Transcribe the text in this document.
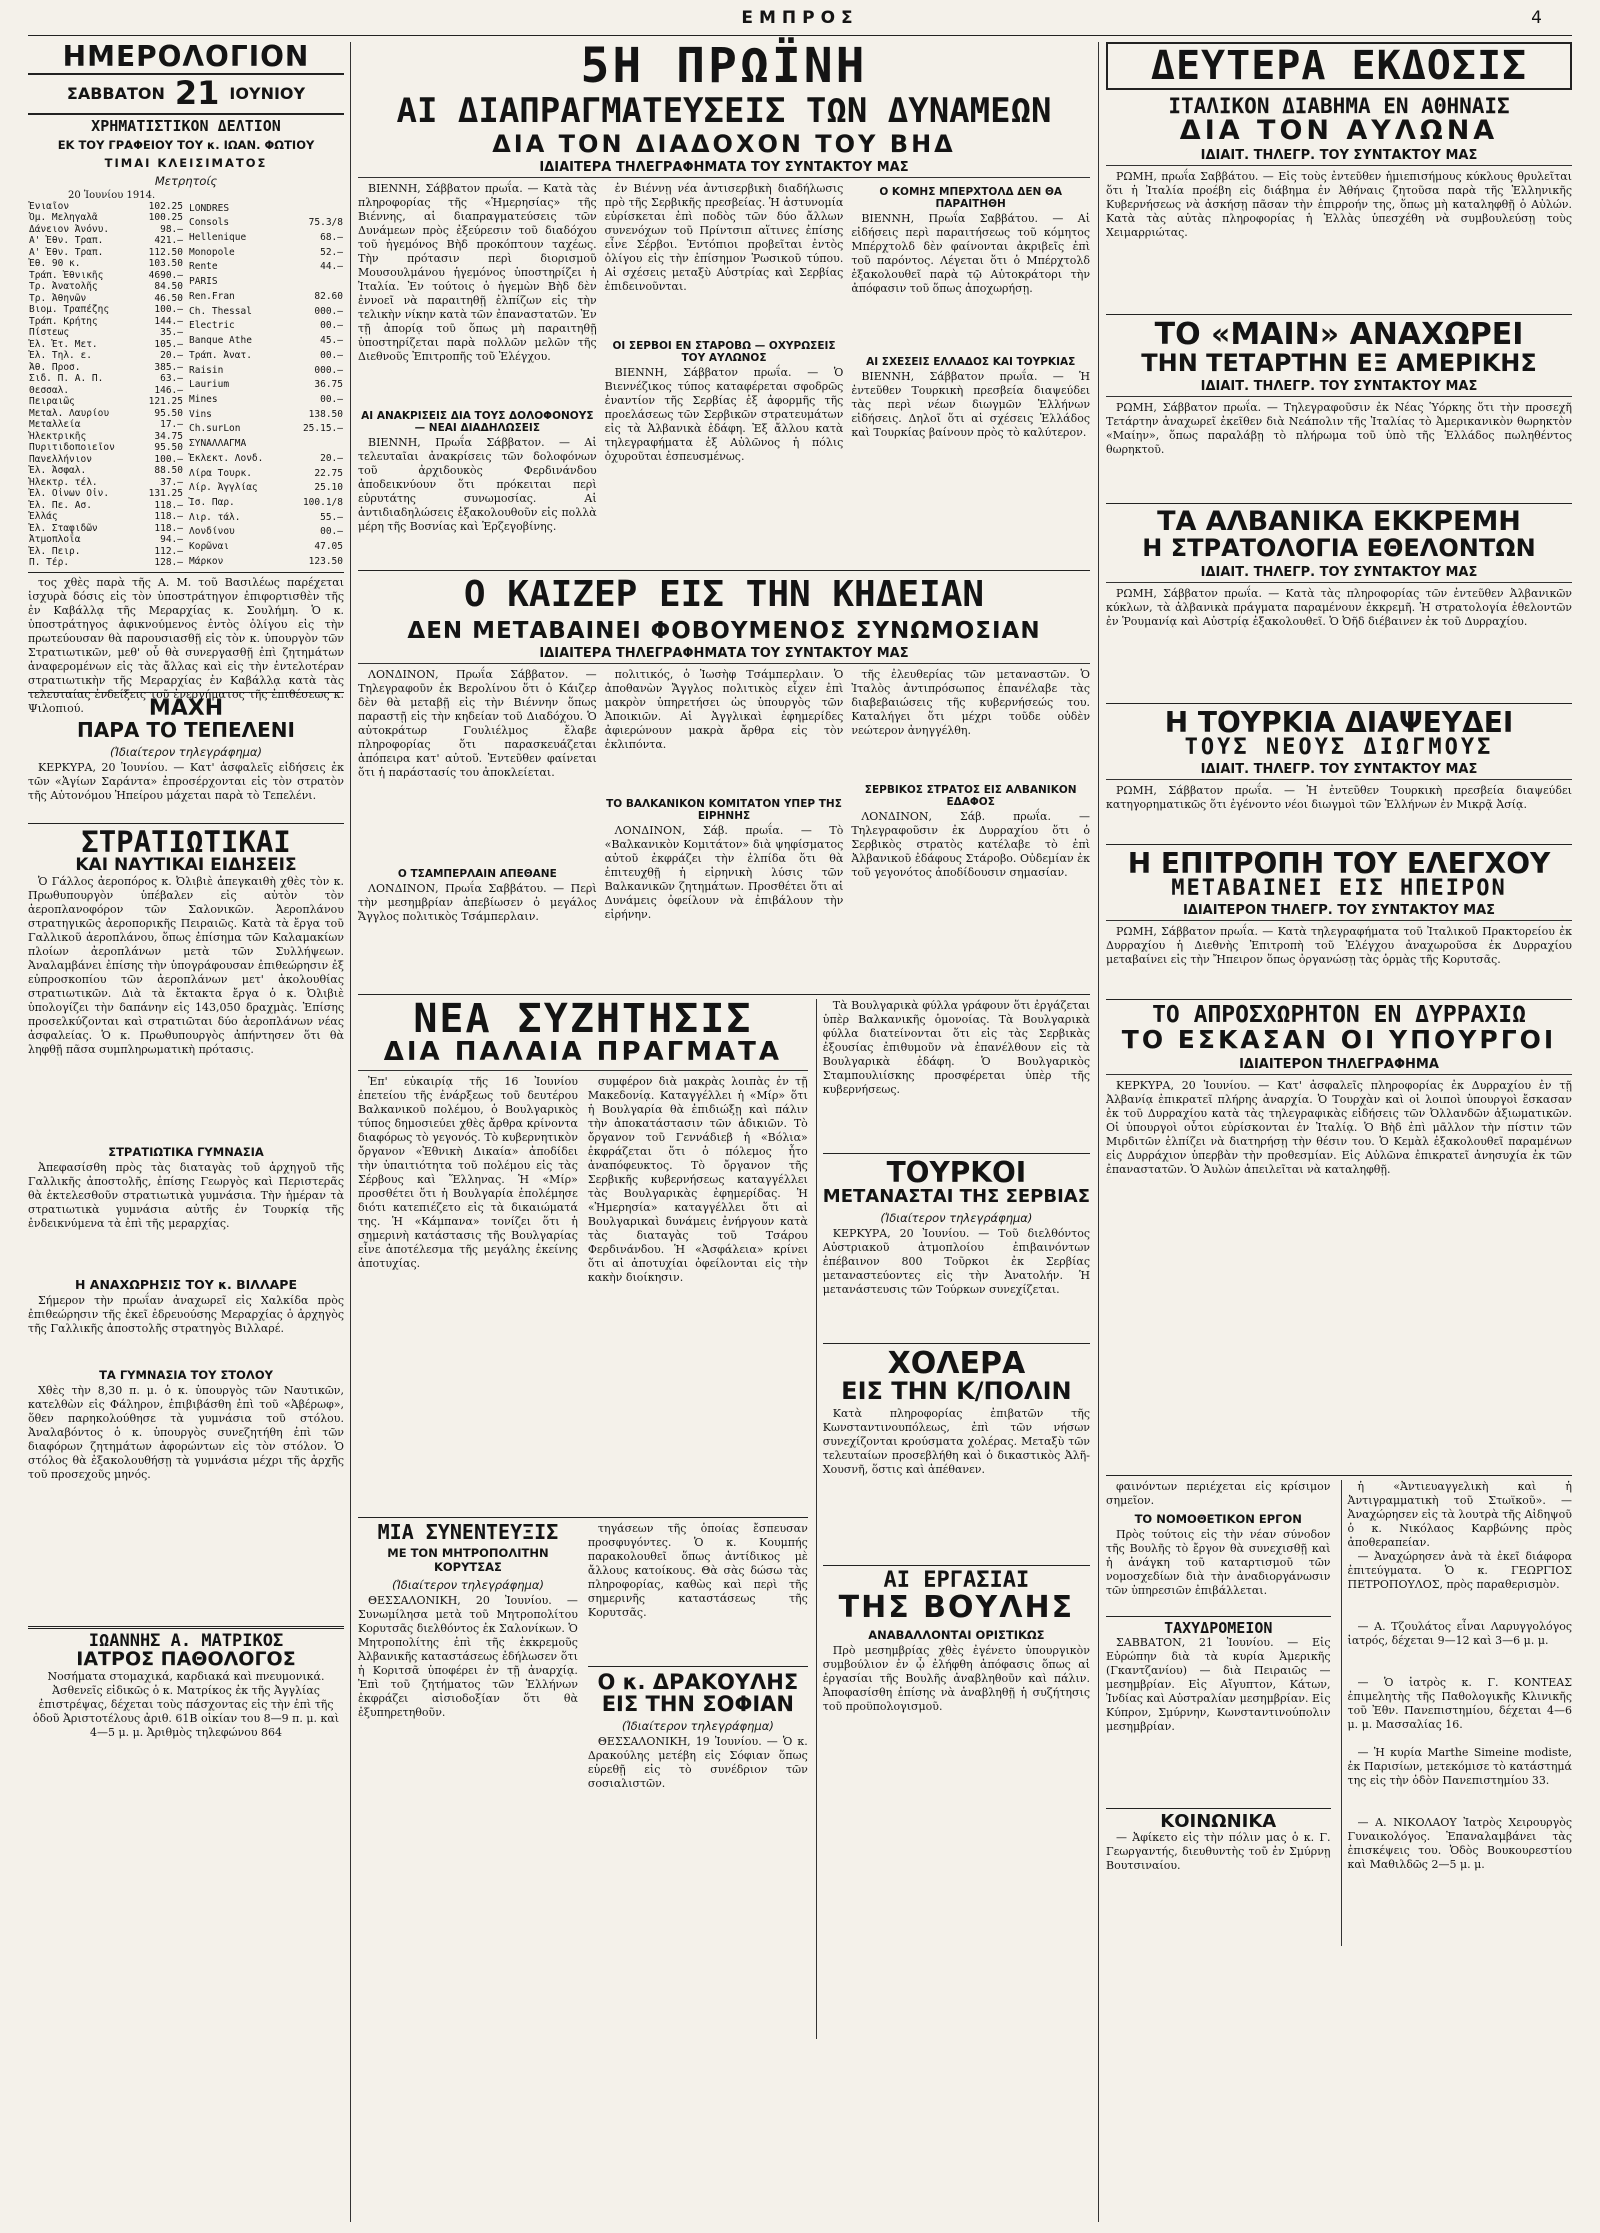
ΕΜΠΡΟΣ	4
ΗΜΕΡΟΛΟΓΙΟΝ
ΣΑΒΒΑΤΟΝ 21 ΙΟΥΝΙΟΥ
ΧΡΗΜΑΤΙΣΤΙΚΟΝ ΔΕΛΤΙΟΝ
ΕΚ ΤΟΥ ΓΡΑΦΕΙΟΥ ΤΟΥ κ. ΙΩΑΝ. ΦΩΤΙΟΥ
ΤΙΜΑΙ ΚΛΕΙΣΙΜΑΤΟΣ
Μετρητοίς
20 Ἰουνίου 1914.
Ἐνιαῖον	102.25
Ὀμ. Μεληγαλᾶ	100.25
Δάνειον Ἀνόνυ.	98.—
Α' Ἐθν. Τραπ.	421.—
Α' Ἐθν. Τραπ.	112.50
Ἐθ. 90 κ.	103.50
Τράπ. Ἐθνικῆς	4690.—
Τρ. Ἀνατολῆς	84.50
Τρ. Ἀθηνῶν	46.50
Βιομ. Τραπέζης	100.—
Τράπ. Κρήτης	144.—
Πίστεως	35.—
Ἐλ. Ἐτ. Μετ.	105.—
Ἐλ. Τηλ. ε.	20.—
Ἀθ. Προσ.	385.—
Σιδ. Π. Α. Π.	63.—
Θεσσαλ.	146.—
Πειραιῶς	121.25
Μεταλ. Λαυρίου	95.50
Μεταλλεία	17.—
Ἠλεκτρικῆς	34.75
Πυριτιδοποιεῖον	95.50
Πανελλήνιον	100.—
Ἐλ. Ἀσφαλ.	88.50
Ἠλεκτρ. τέλ.	37.—
Ἑλ. Οἰνων Οἰν.	131.25
Ἐλ. Πε. Ασ.	118.—
Ἑλλάς	118.—
Ἐλ. Σταφιδῶν	118.—
Ἀτμοπλοΐα	94.—
Ἐλ. Πειρ.	112.—
Π. Τέρ.	128.—
LONDRES	
Consols	75.3/8
Hellenique	68.—
Monopole	52.—
Rente	44.—

PARIS	

Ren.Fran	82.60
Ch. Thessal	000.—
Electric	00.—
Banque Athe	45.—
Τράπ. Ἀνατ.	00.—
Raisin	000.—
Laurium	36.75
Mines	00.—
Vins	138.50
Ch.surLon	25.15.—

ΣΥΝΑΛΛΑΓΜΑ	

Ἐκλεκτ. Λονδ.	20.—
Λίρα Τουρκ.	22.75
Λίρ. Ἀγγλίας	25.10
Ἰσ. Παρ.	100.1/8
Λιρ. τάλ.	55.—
Λονδίνου	00.—
Κορῶναι	47.05
Μάρκον	123.50
τος χθὲς παρὰ τῆς Α. Μ. τοῦ Βασιλέως παρέχεται ἰσχυρὰ δόσις εἰς τὸν ὑποστράτηγον ἐπιφορτισθὲν τῆς ἐν Καβάλλᾳ τῆς Μεραρχίας κ. Σουλήμη. Ὁ κ. ὑποστράτηγος ἀφικνούμενος ἐντὸς ὀλίγου εἰς τὴν πρωτεύουσαν θὰ παρουσιασθῇ εἰς τὸν κ. ὑπουργὸν τῶν Στρατιωτικῶν, μεθ' οὗ θὰ συνεργασθῇ ἐπὶ ζητημάτων ἀναφερομένων εἰς τὰς ἄλλας καὶ εἰς τὴν ἐντελοτέραν στρατιωτικὴν τῆς Μεραρχίας ἐν Καβάλλᾳ κατὰ τὰς τελευταίας ἐνδείξεις τοῦ ἐνεργήματος τῆς ἐπιθέσεως κ. Ψιλοπιού.	ΜΑΧΗ
ΠΑΡΑ ΤΟ ΤΕΠΕΛΕΝΙ
(Ἰδιαίτερον τηλεγράφημα)
ΚΕΡΚΥΡΑ, 20 Ἰουνίου. — Κατ' ἀσφαλεῖς εἰδήσεις ἐκ τῶν «Ἁγίων Σαράντα» ἐπροσέρχονται εἰς τὸν στρατὸν τῆς Αὐτονόμου Ἠπείρου μάχεται παρὰ τὸ Τεπελένι.
ΣΤΡΑΤΙΩΤΙΚΑΙ
ΚΑΙ ΝΑΥΤΙΚΑΙ ΕΙΔΗΣΕΙΣ
Ὁ Γάλλος ἀεροπόρος κ. Ὀλιβιὲ ἀπεγκαιθὴ χθὲς τὸν κ. Πρωθυπουργὸν ὑπέβαλεν εἰς αὐτὸν τὸν ἀεροπλανοφόρον τῶν Σαλονικῶν. Ἀεροπλάνου στρατηγικῶς ἀεροπορικῆς Πειραιῶς. Κατὰ τὰ ἔργα τοῦ Γαλλικοῦ ἀεροπλάνου, ὅπως ἐπίσημα τῶν Καλαμακίων πλοίων ἀεροπλάνων μετὰ τῶν Συλλήψεων. Ἀναλαμβάνει ἐπίσης τὴν ὑπογράφουσαν ἐπιθεώρησιν ἐξ εὐπροσκοπίου τῶν ἀεροπλάνων μετ' ἀκολουθίας στρατιωτικῶν. Διὰ τὰ ἔκτακτα ἔργα ὁ κ. Ὀλιβιὲ ὑπολογίζει τὴν δαπάνην εἰς 143,050 δραχμὰς. Ἐπίσης προσελκύζονται καὶ στρατιῶται δύο ἀεροπλάνων νέας ἀσφαλείας. Ὁ κ. Πρωθυπουργὸς ἀπήντησεν ὅτι θὰ ληφθῇ πᾶσα συμπληρωματικὴ πρότασις.
ΣΤΡΑΤΙΩΤΙΚΑ ΓΥΜΝΑΣΙΑ
Ἀπεφασίσθη πρὸς τὰς διαταγὰς τοῦ ἀρχηγοῦ τῆς Γαλλικῆς ἀποστολῆς, ἐπίσης Γεωργὸς καὶ Περιστερᾶς θὰ ἐκτελεσθοῦν στρατιωτικὰ γυμνάσια. Τὴν ἡμέραν τὰ στρατιωτικὰ γυμνάσια αὐτῆς ἐν Τουρκίᾳ τῆς ἐνδεικνύμενα τὰ ἐπὶ τῆς μεραρχίας.
Η ΑΝΑΧΩΡΗΣΙΣ ΤΟΥ κ. ΒΙΛΛΑΡΕ
Σήμερον τὴν πρωΐαν ἀναχωρεῖ εἰς Χαλκίδα πρὸς ἐπιθεώρησιν τῆς ἐκεῖ ἐδρευούσης Μεραρχίας ὁ ἀρχηγὸς τῆς Γαλλικῆς ἀποστολῆς στρατηγὸς Βιλλαρέ.
ΤΑ ΓΥΜΝΑΣΙΑ ΤΟΥ ΣΤΟΛΟΥ
Χθὲς τὴν 8,30 π. μ. ὁ κ. ὑπουργὸς τῶν Ναυτικῶν, κατελθὼν εἰς Φάληρον, ἐπιβιβάσθη ἐπὶ τοῦ «Ἀβέρωφ», ὅθεν παρηκολούθησε τὰ γυμνάσια τοῦ στόλου. Ἀναλαβόντος ὁ κ. ὑπουργὸς συνεζητήθη ἐπὶ τῶν διαφόρων ζητημάτων ἀφορώντων εἰς τὸν στόλον. Ὁ στόλος θὰ ἐξακολουθήσῃ τὰ γυμνάσια μέχρι τῆς ἀρχῆς τοῦ προσεχοῦς μηνός.
ΙΩΑΝΝΗΣ Α. ΜΑΤΡΙΚΟΣ
ΙΑΤΡΟΣ ΠΑΘΟΛΟΓΟΣ
Νοσήματα στομαχικά, καρδιακά καὶ πνευμονικά. Ἀσθενεῖς εἰδικῶς ὁ κ. Ματρίκος ἐκ τῆς Ἀγγλίας ἐπιστρέψας, δέχεται τοὺς πάσχοντας εἰς τὴν ἐπὶ τῆς ὁδοῦ Ἀριστοτέλους ἀριθ. 61B οἰκίαν του 8—9 π. μ. καὶ 4—5 μ. μ. Ἀριθμὸς τηλεφώνου 864
5Η ΠΡΩΪΝΗ
ΑΙ ΔΙΑΠΡΑΓΜΑΤΕΥΣΕΙΣ ΤΩΝ ΔΥΝΑΜΕΩΝ
ΔΙΑ ΤΟΝ ΔΙΑΔΟΧΟΝ ΤΟΥ ΒΗΔ
ΙΔΙΑΙΤΕΡΑ ΤΗΛΕΓΡΑΦΗΜΑΤΑ ΤΟΥ ΣΥΝΤΑΚΤΟΥ ΜΑΣ
ΒΙΕΝΝΗ, Σάββατον πρωΐα. — Κατὰ τὰς πληροφορίας τῆς «Ἡμερησίας» τῆς Βιέννης, αἱ διαπραγματεύσεις τῶν Δυνάμεων πρὸς ἐξεύρεσιν τοῦ διαδόχου τοῦ ἡγεμόνος Βὴδ προκόπτουν ταχέως. Τὴν πρότασιν περὶ διορισμοῦ Μουσουλμάνου ἡγεμόνος ὑποστηρίζει ἡ Ἰταλία. Ἐν τούτοις ὁ ἡγεμὼν Βὴδ δὲν ἐννοεῖ νὰ παραιτηθῇ ἐλπίζων εἰς τὴν τελικὴν νίκην κατὰ τῶν ἐπαναστατῶν. Ἐν τῇ ἀπορίᾳ τοῦ ὅπως μὴ παραιτηθῇ ὑποστηρίζεται παρὰ πολλῶν μελῶν τῆς Διεθνοῦς Ἐπιτροπῆς τοῦ Ἐλέγχου.
ΑΙ ΑΝΑΚΡΙΣΕΙΣ ΔΙΑ ΤΟΥΣ ΔΟΛΟΦΟΝΟΥΣ — ΝΕΑΙ ΔΙΑΔΗΛΩΣΕΙΣ
ΒΙΕΝΝΗ, Πρωΐα Σάββατον. — Αἱ τελευταῖαι ἀνακρίσεις τῶν δολοφόνων τοῦ ἀρχιδουκὸς Φερδινάνδου ἀποδεικνύουν ὅτι πρόκειται περὶ εὐρυτάτης συνωμοσίας. Αἱ ἀντιδιαδηλώσεις ἐξακολουθοῦν εἰς πολλὰ μέρη τῆς Βοσνίας καὶ Ἑρζεγοβίνης.
ἐν Βιέννῃ νέα ἀντισερβικὴ διαδήλωσις πρὸ τῆς Σερβικῆς πρεσβείας. Ἡ ἀστυνομία εὑρίσκεται ἐπὶ ποδὸς τῶν δύο ἄλλων συνενόχων τοῦ Πρίντσιπ αἵτινες ἐπίσης εἶνε Σέρβοι. Ἐντόπιοι προβεῖται ἐντὸς ὀλίγου εἰς τὴν ἐπίσημον Ῥωσικοῦ τύπου. Αἱ σχέσεις μεταξὺ Αὐστρίας καὶ Σερβίας ἐπιδεινοῦνται.
ΟΙ ΣΕΡΒΟΙ ΕΝ ΣΤΑΡΟΒΩ — ΟΧΥΡΩΣΕΙΣ ΤΟΥ ΑΥΛΩΝΟΣ
ΒΙΕΝΝΗ, Σάββατον πρωΐα. — Ὁ Βιεννέζικος τύπος καταφέρεται σφοδρῶς ἐναντίον τῆς Σερβίας ἐξ ἀφορμῆς τῆς προελάσεως τῶν Σερβικῶν στρατευμάτων εἰς τὰ Ἀλβανικὰ ἐδάφη. Ἐξ ἄλλου κατὰ τηλεγραφήματα ἐξ Αὐλῶνος ἡ πόλις ὀχυροῦται ἐσπευσμένως.
Ο ΚΟΜΗΣ ΜΠΕΡΧΤΟΛΔ ΔΕΝ ΘΑ ΠΑΡΑΙΤΗΘΗ
ΒΙΕΝΝΗ, Πρωΐα Σαββάτου. — Αἱ εἰδήσεις περὶ παραιτήσεως τοῦ κόμητος Μπέρχτολδ δὲν φαίνονται ἀκριβεῖς ἐπὶ τοῦ παρόντος. Λέγεται ὅτι ὁ Μπέρχτολδ ἐξακολουθεῖ παρὰ τῷ Αὐτοκράτορι τὴν ἀπόφασιν τοῦ ὅπως ἀποχωρήσῃ.
ΑΙ ΣΧΕΣΕΙΣ ΕΛΛΑΔΟΣ ΚΑΙ ΤΟΥΡΚΙΑΣ
ΒΙΕΝΝΗ, Σάββατον πρωΐα. — Ἡ ἐντεῦθεν Τουρκικὴ πρεσβεία διαψεύδει τὰς περὶ νέων διωγμῶν Ἑλλήνων εἰδήσεις. Δηλοῖ ὅτι αἱ σχέσεις Ἑλλάδος καὶ Τουρκίας βαίνουν πρὸς τὸ καλύτερον.
Ο ΚΑΙΖΕΡ ΕΙΣ ΤΗΝ ΚΗΔΕΙΑΝ
ΔΕΝ ΜΕΤΑΒΑΙΝΕΙ ΦΟΒΟΥΜΕΝΟΣ ΣΥΝΩΜΟΣΙΑΝ
ΙΔΙΑΙΤΕΡΑ ΤΗΛΕΓΡΑΦΗΜΑΤΑ ΤΟΥ ΣΥΝΤΑΚΤΟΥ ΜΑΣ
ΛΟΝΔΙΝΟΝ, Πρωΐα Σάββατον. — Τηλεγραφοῦν ἐκ Βερολίνου ὅτι ὁ Κάιζερ δὲν θὰ μεταβῇ εἰς τὴν Βιέννην ὅπως παραστῇ εἰς τὴν κηδείαν τοῦ Διαδόχου. Ὁ αὐτοκράτωρ Γουλιέλμος ἔλαβε πληροφορίας ὅτι παρασκευάζεται ἀπόπειρα κατ' αὐτοῦ. Ἐντεῦθεν φαίνεται ὅτι ἡ παράστασίς του ἀποκλείεται.
Ο ΤΣΑΜΠΕΡΛΑΙΝ ΑΠΕΘΑΝΕ
ΛΟΝΔΙΝΟΝ, Πρωΐα Σαββάτου. — Περὶ τὴν μεσημβρίαν ἀπεβίωσεν ὁ μεγάλος Ἄγγλος πολιτικὸς Τσάμπερλαιν.
πολιτικός, ὁ Ἰωσὴφ Τσάμπερλαιν. Ὁ ἀποθανὼν Ἄγγλος πολιτικὸς εἶχεν ἐπὶ μακρὸν ὑπηρετήσει ὡς ὑπουργὸς τῶν Ἀποικιῶν. Αἱ Ἀγγλικαὶ ἐφημερίδες ἀφιερώνουν μακρὰ ἄρθρα εἰς τὸν ἐκλιπόντα.
ΤΟ ΒΑΛΚΑΝΙΚΟΝ ΚΟΜΙΤΑΤΟΝ ΥΠΕΡ ΤΗΣ ΕΙΡΗΝΗΣ
ΛΟΝΔΙΝΟΝ, Σάβ. πρωΐα. — Τὸ «Βαλκανικὸν Κομιτάτον» διὰ ψηφίσματος αὐτοῦ ἐκφράζει τὴν ἐλπίδα ὅτι θὰ ἐπιτευχθῇ ἡ εἰρηνικὴ λύσις τῶν Βαλκανικῶν ζητημάτων. Προσθέτει ὅτι αἱ Δυνάμεις ὀφείλουν νὰ ἐπιβάλουν τὴν εἰρήνην.
τῆς ἐλευθερίας τῶν μεταναστῶν. Ὁ Ἰταλὸς ἀντιπρόσωπος ἐπανέλαβε τὰς διαβεβαιώσεις τῆς κυβερνήσεώς του. Καταλήγει ὅτι μέχρι τοῦδε οὐδὲν νεώτερον ἀνηγγέλθη.
ΣΕΡΒΙΚΟΣ ΣΤΡΑΤΟΣ ΕΙΣ ΑΛΒΑΝΙΚΟΝ ΕΔΑΦΟΣ
ΛΟΝΔΙΝΟΝ, Σάβ. πρωΐα. — Τηλεγραφοῦσιν ἐκ Δυρραχίου ὅτι ὁ Σερβικὸς στρατὸς κατέλαβε τὸ ἐπὶ Ἀλβανικοῦ ἐδάφους Στάροβο. Οὐδεμίαν ἐκ τοῦ γεγονότος ἀποδίδουσιν σημασίαν.
ΝΕΑ ΣΥΖΗΤΗΣΙΣ
ΔΙΑ ΠΑΛΑΙΑ ΠΡΑΓΜΑΤΑ
Ἐπ' εὐκαιρίᾳ τῆς 16 Ἰουνίου ἐπετείου τῆς ἐνάρξεως τοῦ δευτέρου Βαλκανικοῦ πολέμου, ὁ Βουλγαρικὸς τύπος δημοσιεύει χθὲς ἄρθρα κρίνοντα διαφόρως τὸ γεγονός. Τὸ κυβερνητικὸν ὄργανον «Ἐθνικὴ Δικαία» ἀποδίδει τὴν ὑπαιτιότητα τοῦ πολέμου εἰς τὰς Σέρβους καὶ Ἕλληνας. Ἡ «Μίρ» προσθέτει ὅτι ἡ Βουλγαρία ἐπολέμησε διότι κατεπιέζετο εἰς τὰ δικαιώματά της. Ἡ «Κάμπανα» τονίζει ὅτι ἡ σημερινὴ κατάστασις τῆς Βουλγαρίας εἶνε ἀποτέλεσμα τῆς μεγάλης ἐκείνης ἀποτυχίας.
συμφέρον διὰ μακρὰς λοιπὰς ἐν τῇ Μακεδονίᾳ. Καταγγέλλει ἡ «Μίρ» ὅτι ἡ Βουλγαρία θὰ ἐπιδιώξῃ καὶ πάλιν τὴν ἀποκατάστασιν τῶν ἀδικιῶν. Τὸ ὄργανον τοῦ Γεννάδιεβ ἡ «Βόλια» ἐκφράζεται ὅτι ὁ πόλεμος ἦτο ἀναπόφευκτος. Τὸ ὄργανον τῆς Σερβικῆς κυβερνήσεως καταγγέλλει τὰς Βουλγαρικὰς ἐφημερίδας. Ἡ «Ἡμερησία» καταγγέλλει ὅτι αἱ Βουλγαρικαὶ δυνάμεις ἐνήργουν κατὰ τὰς διαταγὰς τοῦ Τσάρου Φερδινάνδου. Ἡ «Ἀσφάλεια» κρίνει ὅτι αἱ ἀποτυχίαι ὀφείλονται εἰς τὴν κακὴν διοίκησιν.
ΜΙΑ ΣΥΝΕΝΤΕΥΞΙΣ
ΜΕ ΤΟΝ ΜΗΤΡΟΠΟΛΙΤΗΝ ΚΟΡΥΤΣΑΣ
(Ἰδιαίτερον τηλεγράφημα)
ΘΕΣΣΑΛΟΝΙΚΗ, 20 Ἰουνίου. — Συνωμίλησα μετὰ τοῦ Μητροπολίτου Κορυτσᾶς διελθόντος ἐκ Σαλονίκων. Ὁ Μητροπολίτης ἐπὶ τῆς ἐκκρεμοῦς Ἀλβανικῆς καταστάσεως ἐδήλωσεν ὅτι ἡ Κοριτσᾶ ὑποφέρει ἐν τῇ ἀναρχίᾳ. Ἐπὶ τοῦ ζητήματος τῶν Ἑλλήνων ἐκφράζει αἰσιοδοξίαν ὅτι θὰ ἐξυπηρετηθοῦν.
τηγάσεων τῆς ὁποίας ἔσπευσαν προσφυγόντες. Ὁ κ. Κουμπής παρακολουθεῖ ὅπως ἀντίδικος μὲ ἄλλους κατοίκους. Θὰ σὰς δώσω τὰς πληροφορίας, καθὼς καὶ περὶ τῆς σημερινῆς καταστάσεως τῆς Κορυτσᾶς.
Ο κ. ΔΡΑΚΟΥΛΗΣ
ΕΙΣ ΤΗΝ ΣΟΦΙΑΝ
(Ἰδιαίτερον τηλεγράφημα)
ΘΕΣΣΑΛΟΝΙΚΗ, 19 Ἰουνίου. — Ὁ κ. Δρακούλης μετέβη εἰς Σόφιαν ὅπως εὑρεθῇ εἰς τὸ συνέδριον τῶν σοσιαλιστῶν.
Τὰ Βουλγαρικὰ φύλλα γράφουν ὅτι ἐργάζεται ὑπὲρ Βαλκανικῆς ὁμονοίας. Τὰ Βουλγαρικὰ φύλλα διατείνονται ὅτι εἰς τὰς Σερβικὰς ἐξουσίας ἐπιθυμοῦν νὰ ἐπανέλθουν εἰς τὰ Βουλγαρικὰ ἐδάφη. Ὁ Βουλγαρικὸς Σταμπουλιίσκης προσφέρεται ὑπὲρ τῆς κυβερνήσεως.
ΤΟΥΡΚΟΙ
ΜΕΤΑΝΑΣΤΑΙ ΤΗΣ ΣΕΡΒΙΑΣ
(Ἰδιαίτερον τηλεγράφημα)
ΚΕΡΚΥΡΑ, 20 Ἰουνίου. — Τοῦ διελθόντος Αὐστριακοῦ ἀτμοπλοίου ἐπιβαινόντων ἐπέβαινον 800 Τοῦρκοι ἐκ Σερβίας μεταναστεύοντες εἰς τὴν Ἀνατολήν. Ἡ μετανάστευσις τῶν Τούρκων συνεχίζεται.
ΧΟΛΕΡΑ
ΕΙΣ ΤΗΝ Κ/ΠΟΛΙΝ
Κατὰ πληροφορίας ἐπιβατῶν τῆς Κωνσταντινουπόλεως, ἐπὶ τῶν νήσων συνεχίζονται κρούσματα χολέρας. Μεταξὺ τῶν τελευταίων προσεβλήθη καὶ ὁ δικαστικὸς Ἀλῆ-Χουσνῆ, ὅστις καὶ ἀπέθανεν.
ΑΙ ΕΡΓΑΣΙΑΙ
ΤΗΣ ΒΟΥΛΗΣ
ΑΝΑΒΑΛΛΟΝΤΑΙ ΟΡΙΣΤΙΚΩΣ
Πρὸ μεσημβρίας χθὲς ἐγένετο ὑπουργικὸν συμβούλιον ἐν ᾧ ἐλήφθη ἀπόφασις ὅπως αἱ ἐργασίαι τῆς Βουλῆς ἀναβληθοῦν καὶ πάλιν. Ἀποφασίσθη ἐπίσης νὰ ἀναβληθῇ ἡ συζήτησις τοῦ προϋπολογισμοῦ.
ΔΕΥΤΕΡΑ ΕΚΔΟΣΙΣ
ΙΤΑΛΙΚΟΝ ΔΙΑΒΗΜΑ ΕΝ ΑΘΗΝΑΙΣ
ΔΙΑ ΤΟΝ ΑΥΛΩΝΑ
ΙΔΙΑΙΤ. ΤΗΛΕΓΡ. ΤΟΥ ΣΥΝΤΑΚΤΟΥ ΜΑΣ
ΡΩΜΗ, πρωΐα Σαββάτου. — Εἰς τοὺς ἐντεῦθεν ἡμιεπισήμους κύκλους θρυλεῖται ὅτι ἡ Ἰταλία προέβη εἰς διάβημα ἐν Ἀθήναις ζητοῦσα παρὰ τῆς Ἑλληνικῆς Κυβερνήσεως νὰ ἀσκήσῃ πᾶσαν τὴν ἐπιρροήν της, ὅπως μὴ καταληφθῇ ὁ Αὐλών. Κατὰ τὰς αὐτὰς πληροφορίας ἡ Ἑλλὰς ὑπεσχέθη νὰ συμβουλεύσῃ τοὺς Χειμαρριώτας.
ΤΟ «ΜΑΙΝ» ΑΝΑΧΩΡΕΙ
ΤΗΝ ΤΕΤΑΡΤΗΝ ΕΞ ΑΜΕΡΙΚΗΣ
ΙΔΙΑΙΤ. ΤΗΛΕΓΡ. ΤΟΥ ΣΥΝΤΑΚΤΟΥ ΜΑΣ
ΡΩΜΗ, Σάββατον πρωΐα. — Τηλεγραφοῦσιν ἐκ Νέας Ὑόρκης ὅτι τὴν προσεχῆ Τετάρτην ἀναχωρεῖ ἐκεῖθεν διὰ Νεάπολιν τῆς Ἰταλίας τὸ Ἀμερικανικὸν θωρηκτὸν «Μαίην», ὅπως παραλάβῃ τὸ πλήρωμα τοῦ ὑπὸ τῆς Ἑλλάδος πωληθέντος θωρηκτοῦ.
ΤΑ ΑΛΒΑΝΙΚΑ ΕΚΚΡΕΜΗ
Η ΣΤΡΑΤΟΛΟΓΙΑ ΕΘΕΛΟΝΤΩΝ
ΙΔΙΑΙΤ. ΤΗΛΕΓΡ. ΤΟΥ ΣΥΝΤΑΚΤΟΥ ΜΑΣ
ΡΩΜΗ, Σάββατον πρωΐα. — Κατὰ τὰς πληροφορίας τῶν ἐντεῦθεν Ἀλβανικῶν κύκλων, τὰ ἀλβανικὰ πράγματα παραμένουν ἐκκρεμῆ. Ἡ στρατολογία ἐθελοντῶν ἐν Ῥουμανίᾳ καὶ Αὐστρίᾳ ἐξακολουθεῖ. Ὁ Ὀῆδ διέβαινεν ἐκ τοῦ Δυρραχίου.
Η ΤΟΥΡΚΙΑ ΔΙΑΨΕΥΔΕΙ
ΤΟΥΣ ΝΕΟΥΣ ΔΙΩΓΜΟΥΣ
ΙΔΙΑΙΤ. ΤΗΛΕΓΡ. ΤΟΥ ΣΥΝΤΑΚΤΟΥ ΜΑΣ
ΡΩΜΗ, Σάββατον πρωΐα. — Ἡ ἐντεῦθεν Τουρκικὴ πρεσβεία διαψεύδει κατηγορηματικῶς ὅτι ἐγένοντο νέοι διωγμοὶ τῶν Ἑλλήνων ἐν Μικρᾷ Ἀσίᾳ.
Η ΕΠΙΤΡΟΠΗ ΤΟΥ ΕΛΕΓΧΟΥ
ΜΕΤΑΒΑΙΝΕΙ ΕΙΣ ΗΠΕΙΡΟΝ
ΙΔΙΑΙΤΕΡΟΝ ΤΗΛΕΓΡ. ΤΟΥ ΣΥΝΤΑΚΤΟΥ ΜΑΣ
ΡΩΜΗ, Σάββατον πρωΐα. — Κατὰ τηλεγραφήματα τοῦ Ἰταλικοῦ Πρακτορείου ἐκ Δυρραχίου ἡ Διεθνὴς Ἐπιτροπὴ τοῦ Ἐλέγχου ἀναχωροῦσα ἐκ Δυρραχίου μεταβαίνει εἰς τὴν Ἤπειρον ὅπως ὀργανώσῃ τὰς ὁρμὰς τῆς Κορυτσᾶς.
ΤΟ ΑΠΡΟΣΧΩΡΗΤΟΝ ΕΝ ΔΥΡΡΑΧΙΩ
ΤΟ ΕΣΚΑΣΑΝ ΟΙ ΥΠΟΥΡΓΟΙ
ΙΔΙΑΙΤΕΡΟΝ ΤΗΛΕΓΡΑΦΗΜΑ
ΚΕΡΚΥΡΑ, 20 Ἰουνίου. — Κατ' ἀσφαλεῖς πληροφορίας ἐκ Δυρραχίου ἐν τῇ Ἀλβανίᾳ ἐπικρατεῖ πλήρης ἀναρχία. Ὁ Τουρχὰν καὶ οἱ λοιποὶ ὑπουργοὶ ἔσκασαν ἐκ τοῦ Δυρραχίου κατὰ τὰς τηλεγραφικὰς εἰδήσεις τῶν Ὀλλανδῶν ἀξιωματικῶν. Οἱ ὑπουργοὶ οὗτοι εὑρίσκονται ἐν Ἰταλίᾳ. Ὁ Βὴδ ἐπὶ μᾶλλον τὴν πίστιν τῶν Μιρδιτῶν ἐλπίζει νὰ διατηρήσῃ τὴν θέσιν του. Ὁ Κεμὰλ ἐξακολουθεῖ παραμένων εἰς Δυρράχιον ὑπερβὰν τὴν προθεσμίαν. Εἰς Αὐλῶνα ἐπικρατεῖ ἀνησυχία ἐκ τῶν ἐπαναστατῶν. Ὁ Ἀυλὼν ἀπειλεῖται νὰ καταληφθῇ.
φαινόντων περιέχεται εἰς κρίσιμον σημεῖον.
ΤΟ ΝΟΜΟΘΕΤΙΚΟΝ ΕΡΓΟΝ
Πρὸς τούτοις εἰς τὴν νέαν σύνοδον τῆς Βουλῆς τὸ ἔργον θὰ συνεχισθῇ καὶ ἡ ἀνάγκη τοῦ καταρτισμοῦ τῶν νομοσχεδίων διὰ τὴν ἀναδιοργάνωσιν τῶν ὑπηρεσιῶν ἐπιβάλλεται.
ΤΑΧΥΔΡΟΜΕΙΟΝ
ΣΑΒΒΑΤΟΝ, 21 Ἰουνίου. — Εἰς Εὐρώπην διὰ τὰ κυρία Ἀμερικῆς (Γκαντζανίου) — διὰ Πειραιῶς — μεσημβρίαν. Εἰς Αἴγυπτον, Κάτων, Ἰνδίας καὶ Αὐστραλίαν μεσημβρίαν. Εἰς Κύπρον, Σμύρνην, Κωνσταντινούπολιν μεσημβρίαν.
ΚΟΙΝΩΝΙΚΑ
— Ἀφίκετο εἰς τὴν πόλιν μας ὁ κ. Γ. Γεωργαντής, διευθυντὴς τοῦ ἐν Σμύρνῃ Βουτσιναίου.
ἡ «Ἀντιευαγγελικὴ καὶ ἡ Ἀντιγραμματικὴ τοῦ Στωϊκοῦ». — Ἀναχώρησεν εἰς τὰ λουτρὰ τῆς Αἰδηψοῦ ὁ κ. Νικόλαος Καρβώνης πρὸς ἀποθεραπείαν.
— Ἀναχώρησεν ἀνὰ τὰ ἐκεῖ διάφορα ἐπιτεύγματα. Ὁ κ. ΓΕΩΡΓΙΟΣ ΠΕΤΡΟΠΟΥΛΟΣ, πρὸς παραθερισμὸν.
— Α. Τζουλάτος εἶναι Λαρυγγολόγος ἰατρός, δέχεται 9—12 καὶ 3—6 μ. μ.
— Ὁ ἰατρὸς κ. Γ. ΚΟΝΤΕΑΣ ἐπιμελητὴς τῆς Παθολογικῆς Κλινικῆς τοῦ Ἐθν. Πανεπιστημίου, δέχεται 4—6 μ. μ. Μασσαλίας 16.
— Ἡ κυρία Marthe Simeine modiste, ἐκ Παρισίων, μετεκόμισε τὸ κατάστημά της εἰς τὴν ὁδὸν Πανεπιστημίου 33.
— Α. ΝΙΚΟΛΑΟΥ Ἰατρὸς Χειρουργὸς Γυναικολόγος. Ἐπαναλαμβάνει τὰς ἐπισκέψεις του. Ὁδὸς Βουκουρεστίου καὶ Μαθιλδῶς 2—5 μ. μ.
